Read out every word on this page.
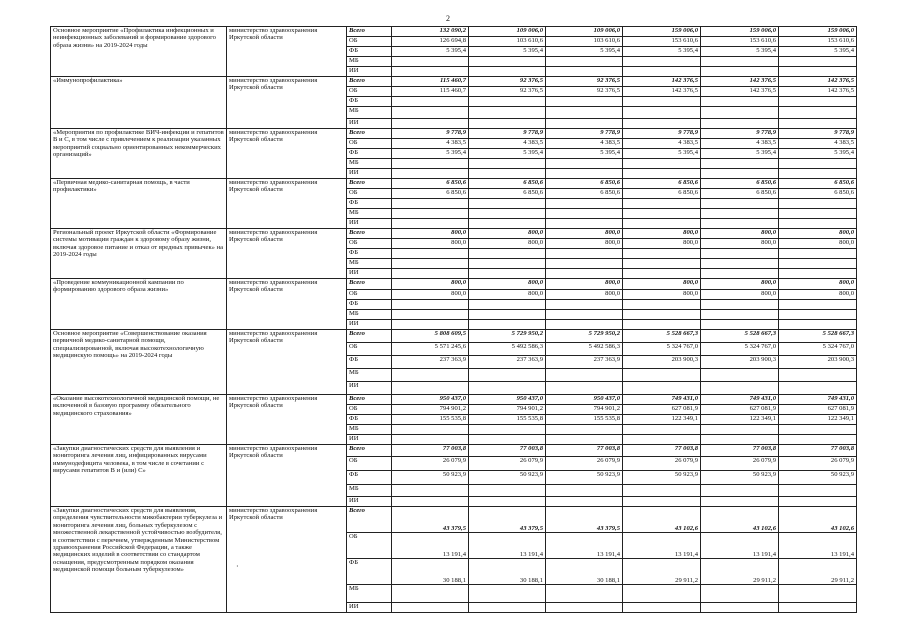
2
Основное мероприятие «Профилактика инфекционных и неинфекционных заболеваний и формирование здорового образа жизни» на 2019-2024 годы	министерство здравоохранения Иркутской области	Всего	132 090,2	109 006,0	109 006,0	159 006,0	159 006,0	159 006,0
		ОБ	126 694,8	103 610,6	103 610,6	153 610,6	153 610,6	153 610,6
		ФБ	5 395,4	5 395,4	5 395,4	5 395,4	5 395,4	5 395,4
		МБ						
		ИИ						
«Иммунопрофилактика»	министерство здравоохранения Иркутской области	Всего	115 460,7	92 376,5	92 376,5	142 376,5	142 376,5	142 376,5
		ОБ	115 460,7	92 376,5	92 376,5	142 376,5	142 376,5	142 376,5
		ФБ						
		МБ						
		ИИ						
«Мероприятия по профилактике ВИЧ-инфекции и гепатитов В и С, в том числе с привлечением к реализации указанных мероприятий социально ориентированных некоммерческих организаций»	министерство здравоохранения Иркутской области	Всего	9 778,9	9 778,9	9 778,9	9 778,9	9 778,9	9 778,9
		ОБ	4 383,5	4 383,5	4 383,5	4 383,5	4 383,5	4 383,5
		ФБ	5 395,4	5 395,4	5 395,4	5 395,4	5 395,4	5 395,4
		МБ						
		ИИ						
«Первичная медико-санитарная помощь, в части профилактики»	министерство здравоохранения Иркутской области	Всего	6 850,6	6 850,6	6 850,6	6 850,6	6 850,6	6 850,6
		ОБ	6 850,6	6 850,6	6 850,6	6 850,6	6 850,6	6 850,6
		ФБ						
		МБ						
		ИИ						
Региональный проект Иркутской области «Формирование системы мотивации граждан к здоровому образу жизни, включая здоровое питание и отказ от вредных привычек» на 2019-2024 годы	министерство здравоохранения Иркутской области	Всего	800,0	800,0	800,0	800,0	800,0	800,0
		ОБ	800,0	800,0	800,0	800,0	800,0	800,0
		ФБ						
		МБ						
		ИИ						
«Проведение коммуникационной кампании по формированию здорового образа жизни»	министерство здравоохранения Иркутской области	Всего	800,0	800,0	800,0	800,0	800,0	800,0
		ОБ	800,0	800,0	800,0	800,0	800,0	800,0
		ФБ						
		МБ						
		ИИ						
Основное мероприятие «Совершенствование оказания первичной медико-санитарной помощи, специализированной, включая высокотехнологичную медицинскую помощь» на 2019-2024 годы	министерство здравоохранения Иркутской области	Всего	5 808 609,5	5 729 950,2	5 729 950,2	5 528 667,3	5 528 667,3	5 528 667,3
		ОБ	5 571 245,6	5 492 586,3	5 492 586,3	5 324 767,0	5 324 767,0	5 324 767,0
		ФБ	237 363,9	237 363,9	237 363,9	203 900,3	203 900,3	203 900,3
		МБ						
		ИИ						
«Оказание высокотехнологичной медицинской помощи, не включенной в базовую программу обязательного медицинского страхования»	министерство здравоохранения Иркутской области	Всего	950 437,0	950 437,0	950 437,0	749 431,0	749 431,0	749 431,0
		ОБ	794 901,2	794 901,2	794 901,2	627 081,9	627 081,9	627 081,9
		ФБ	155 535,8	155 535,8	155 535,8	122 349,1	122 349,1	122 349,1
		МБ						
		ИИ						
«Закупки диагностических средств для выявления и мониторинга лечения лиц, инфицированных вирусами иммунодефицита человека, в том числе в сочетании с вирусами гепатитов В и (или) С»	министерство здравоохранения Иркутской области	Всего	77 003,8	77 003,8	77 003,8	77 003,8	77 003,8	77 003,8
		ОБ	26 079,9	26 079,9	26 079,9	26 079,9	26 079,9	26 079,9
		ФБ	50 923,9	50 923,9	50 923,9	50 923,9	50 923,9	50 923,9
		МБ						
		ИИ						
«Закупки диагностических средств для выявления, определения чувствительности микобактерии туберкулеза и мониторинга лечения лиц, больных туберкулезом с множественной лекарственной устойчивостью возбудителя, в соответствии с перечнем, утвержденным Министерством здравоохранения Российской Федерации, а также медицинских изделий в соответствии со стандартом оснащения, предусмотренным порядком оказания медицинской помощи больным туберкулезом»	министерство здравоохранения Иркутской области	Всего	43 379,5	43 379,5	43 379,5	43 102,6	43 102,6	43 102,6
		ОБ	13 191,4	13 191,4	13 191,4	13 191,4	13 191,4	13 191,4
		ФБ	30 188,1	30 188,1	30 188,1	29 911,2	29 911,2	29 911,2
		МБ						
		ИИ						
·
